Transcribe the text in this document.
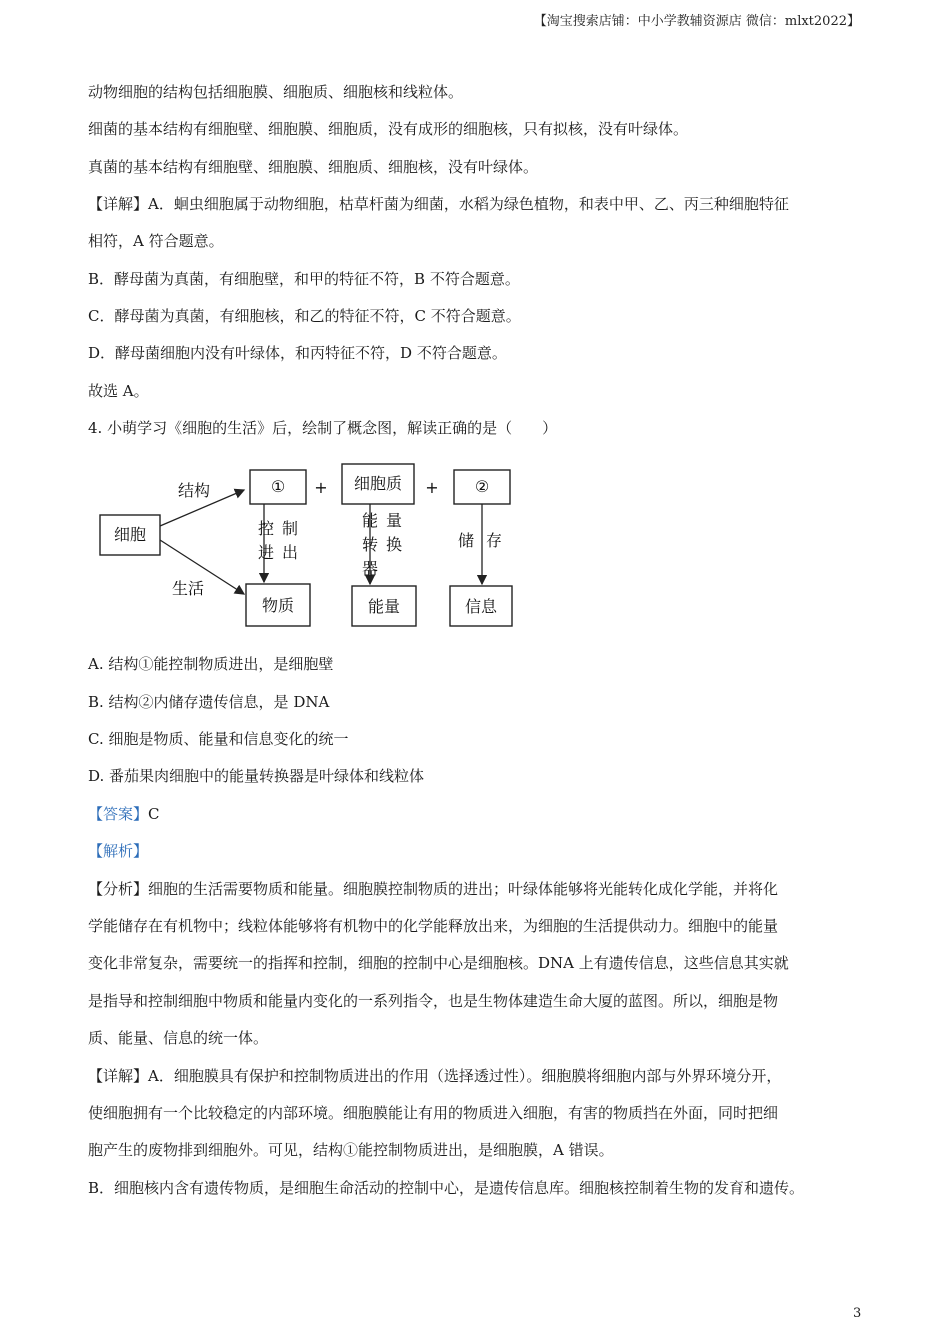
【淘宝搜索店铺：中小学教辅资源店 微信：mlxt2022】
动物细胞的结构包括细胞膜、细胞质、细胞核和线粒体。
细菌的基本结构有细胞壁、细胞膜、细胞质，没有成形的细胞核，只有拟核，没有叶绿体。
真菌的基本结构有细胞壁、细胞膜、细胞质、细胞核，没有叶绿体。
【详解】A．蛔虫细胞属于动物细胞，枯草杆菌为细菌，水稻为绿色植物，和表中甲、乙、丙三种细胞特征
相符，A 符合题意。
B．酵母菌为真菌，有细胞壁，和甲的特征不符，B 不符合题意。
C．酵母菌为真菌，有细胞核，和乙的特征不符，C 不符合题意。
D．酵母菌细胞内没有叶绿体，和丙特征不符，D 不符合题意。
故选 A。
4. 小萌学习《细胞的生活》后，绘制了概念图，解读正确的是（　　）
细胞
结构
生活
① + 细胞质 + ②
控 制
进 出
能 量
转 换
器
储 存
物质	能量	信息
A. 结构①能控制物质进出，是细胞壁
B. 结构②内储存遗传信息，是 DNA
C. 细胞是物质、能量和信息变化的统一
D. 番茄果肉细胞中的能量转换器是叶绿体和线粒体
【答案】C
【解析】
【分析】细胞的生活需要物质和能量。细胞膜控制物质的进出；叶绿体能够将光能转化成化学能，并将化
学能储存在有机物中；线粒体能够将有机物中的化学能释放出来，为细胞的生活提供动力。细胞中的能量
变化非常复杂，需要统一的指挥和控制，细胞的控制中心是细胞核。DNA 上有遗传信息，这些信息其实就
是指导和控制细胞中物质和能量内变化的一系列指令，也是生物体建造生命大厦的蓝图。所以，细胞是物
质、能量、信息的统一体。
【详解】A．细胞膜具有保护和控制物质进出的作用（选择透过性）。细胞膜将细胞内部与外界环境分开，
使细胞拥有一个比较稳定的内部环境。细胞膜能让有用的物质进入细胞，有害的物质挡在外面，同时把细
胞产生的废物排到细胞外。可见，结构①能控制物质进出，是细胞膜，A 错误。
B．细胞核内含有遗传物质，是细胞生命活动的控制中心，是遗传信息库。细胞核控制着生物的发育和遗传。
3
